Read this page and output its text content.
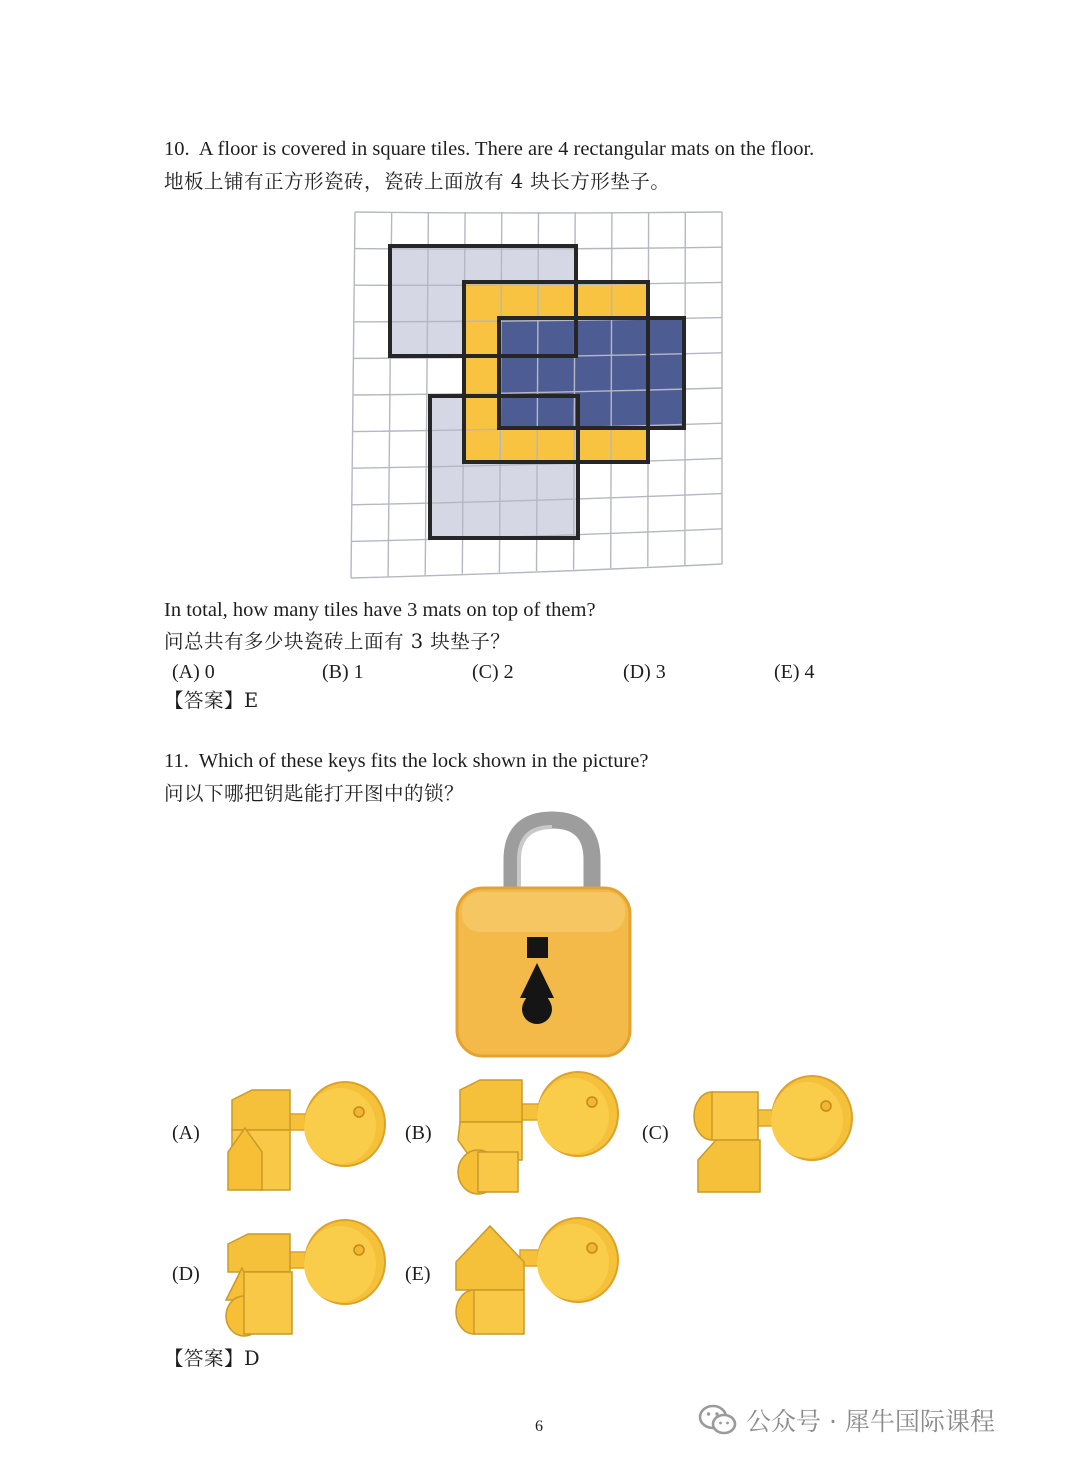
10. A floor is covered in square tiles. There are 4 rectangular mats on the floor.
地板上铺有正方形瓷砖，瓷砖上面放有 4 块长方形垫子。
In total, how many tiles have 3 mats on top of them?
问总共有多少块瓷砖上面有 3 块垫子？
(A) 0	(B) 1	(C) 2	(D) 3	(E) 4
【答案】E
11. Which of these keys fits the lock shown in the picture?
问以下哪把钥匙能打开图中的锁？
(A)	(B)	(C)
(D)	(E)
【答案】D
6	公众号 · 犀牛国际课程
